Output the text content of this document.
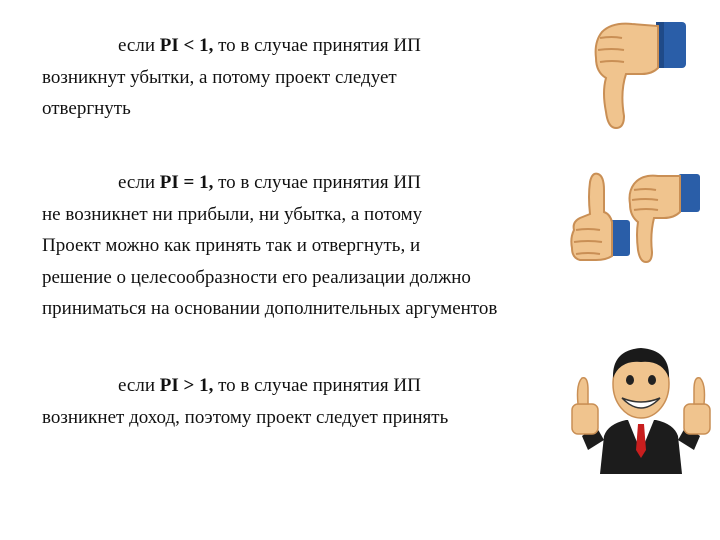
если PI < 1, то в случае принятия ИП
возникнут убытки, а потому проект следует
отвергнуть
если PI = 1, то в случае принятия ИП
не возникнет ни прибыли, ни убытка, а потому
Проект можно как принять так и отвергнуть, и
решение о целесообразности его реализации должно
приниматься на основании дополнительных аргументов
если PI > 1, то в случае принятия ИП
возникнет доход, поэтому проект следует принять
